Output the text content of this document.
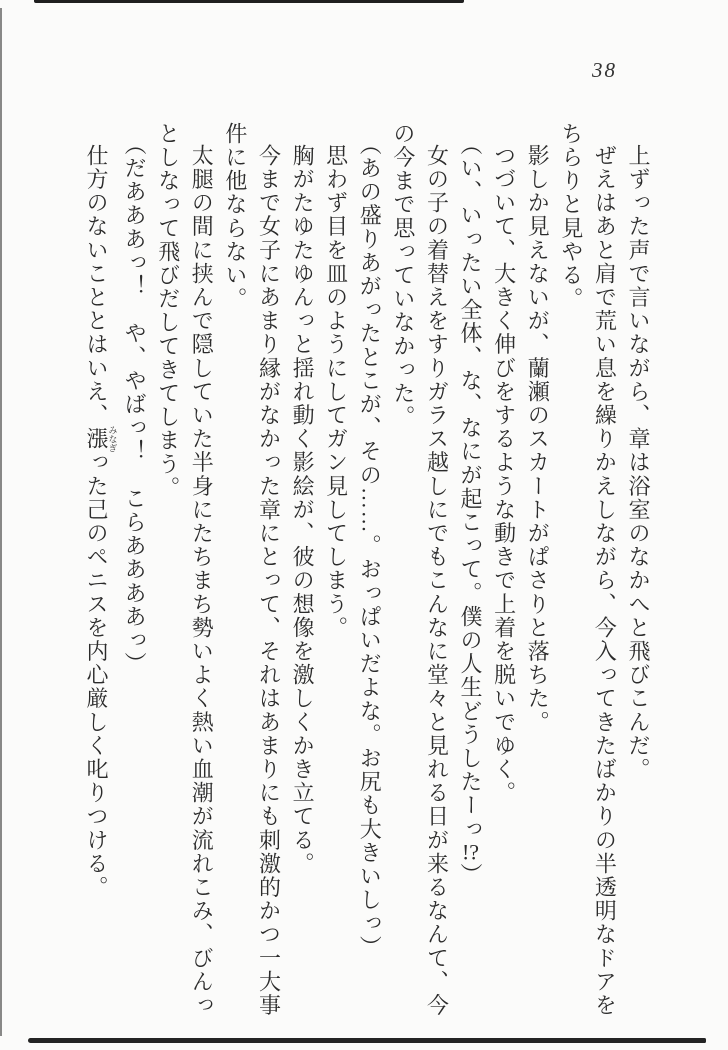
38
上ずった声で言いながら、章は浴室のなかへと飛びこんだ。
ぜえはあと肩で荒い息を繰りかえしながら、今入ってきたばかりの半透明なドアを
ちらりと見やる。
影しか見えないが、蘭瀬のスカートがぱさりと落ちた。
つづいて、大きく伸びをするような動きで上着を脱いでゆく。
（い、いったい全体、な、なにが起こって。僕の人生どうしたーっ!?）
女の子の着替えをすりガラス越しにでもこんなに堂々と見れる日が来るなんて、今
の今まで思っていなかった。
（あの盛りあがったとこが、その……。おっぱいだよな。お尻も大きいしっ）
思わず目を皿のようにしてガン見してしまう。
胸がたゆたゆんっと揺れ動く影絵が、彼の想像を激しくかき立てる。
今まで女子にあまり縁がなかった章にとって、それはあまりにも刺激的かつ一大事
件に他ならない。
太腿の間に挟んで隠していた半身にたちまち勢いよく熱い血潮が流れこみ、びんっ
としなって飛びだしてきてしまう。
（だあああっ！　や、やばっ！　こらああああっ）
仕方のないこととはいえ、漲みなぎった己のペニスを内心厳しく叱りつける。
